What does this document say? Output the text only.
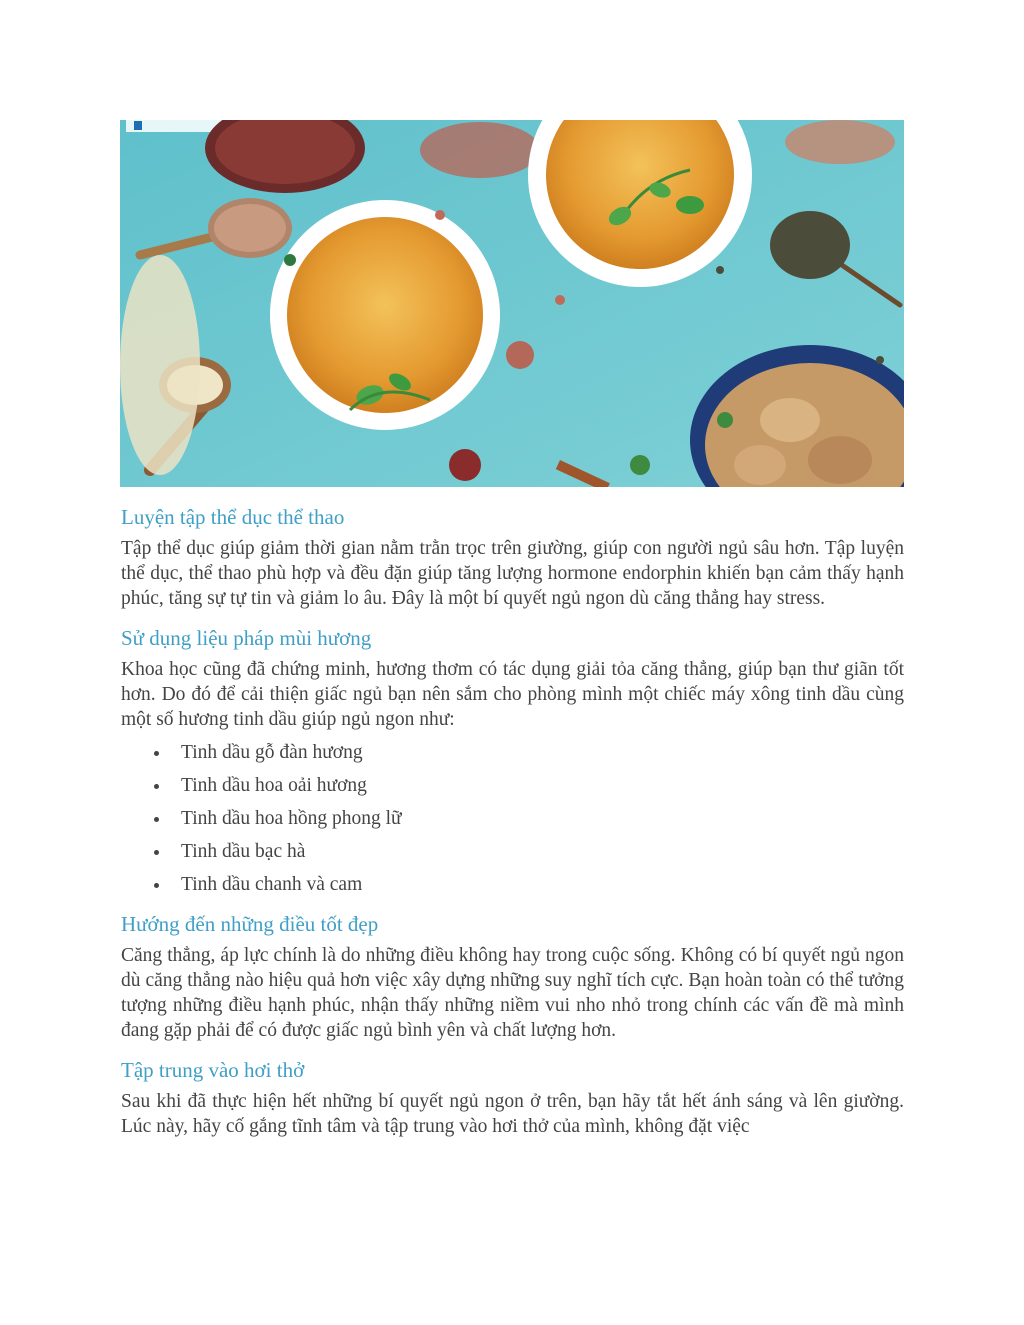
Luyện tập thể dục thể thao

Tập thể dục giúp giảm thời gian nằm trằn trọc trên giường, giúp con người ngủ sâu hơn. Tập luyện thể dục, thể thao phù hợp và đều đặn giúp tăng lượng hormone endorphin khiến bạn cảm thấy hạnh phúc, tăng sự tự tin và giảm lo âu. Đây là một bí quyết ngủ ngon dù căng thẳng hay stress.

Sử dụng liệu pháp mùi hương

Khoa học cũng đã chứng minh, hương thơm có tác dụng giải tỏa căng thẳng, giúp bạn thư giãn tốt hơn. Do đó để cải thiện giấc ngủ bạn nên sắm cho phòng mình một chiếc máy xông tinh dầu cùng một số hương tinh dầu giúp ngủ ngon như:

Tinh dầu gỗ đàn hương
Tinh dầu hoa oải hương
Tinh dầu hoa hồng phong lữ
Tinh dầu bạc hà
Tinh dầu chanh và cam
Hướng đến những điều tốt đẹp

Căng thẳng, áp lực chính là do những điều không hay trong cuộc sống. Không có bí quyết ngủ ngon dù căng thẳng nào hiệu quả hơn việc xây dựng những suy nghĩ tích cực. Bạn hoàn toàn có thể tưởng tượng những điều hạnh phúc, nhận thấy những niềm vui nho nhỏ trong chính các vấn đề mà mình đang gặp phải để có được giấc ngủ bình yên và chất lượng hơn.

Tập trung vào hơi thở

Sau khi đã thực hiện hết những bí quyết ngủ ngon ở trên, bạn hãy tắt hết ánh sáng và lên giường. Lúc này, hãy cố gắng tĩnh tâm và tập trung vào hơi thở của mình, không đặt việc
